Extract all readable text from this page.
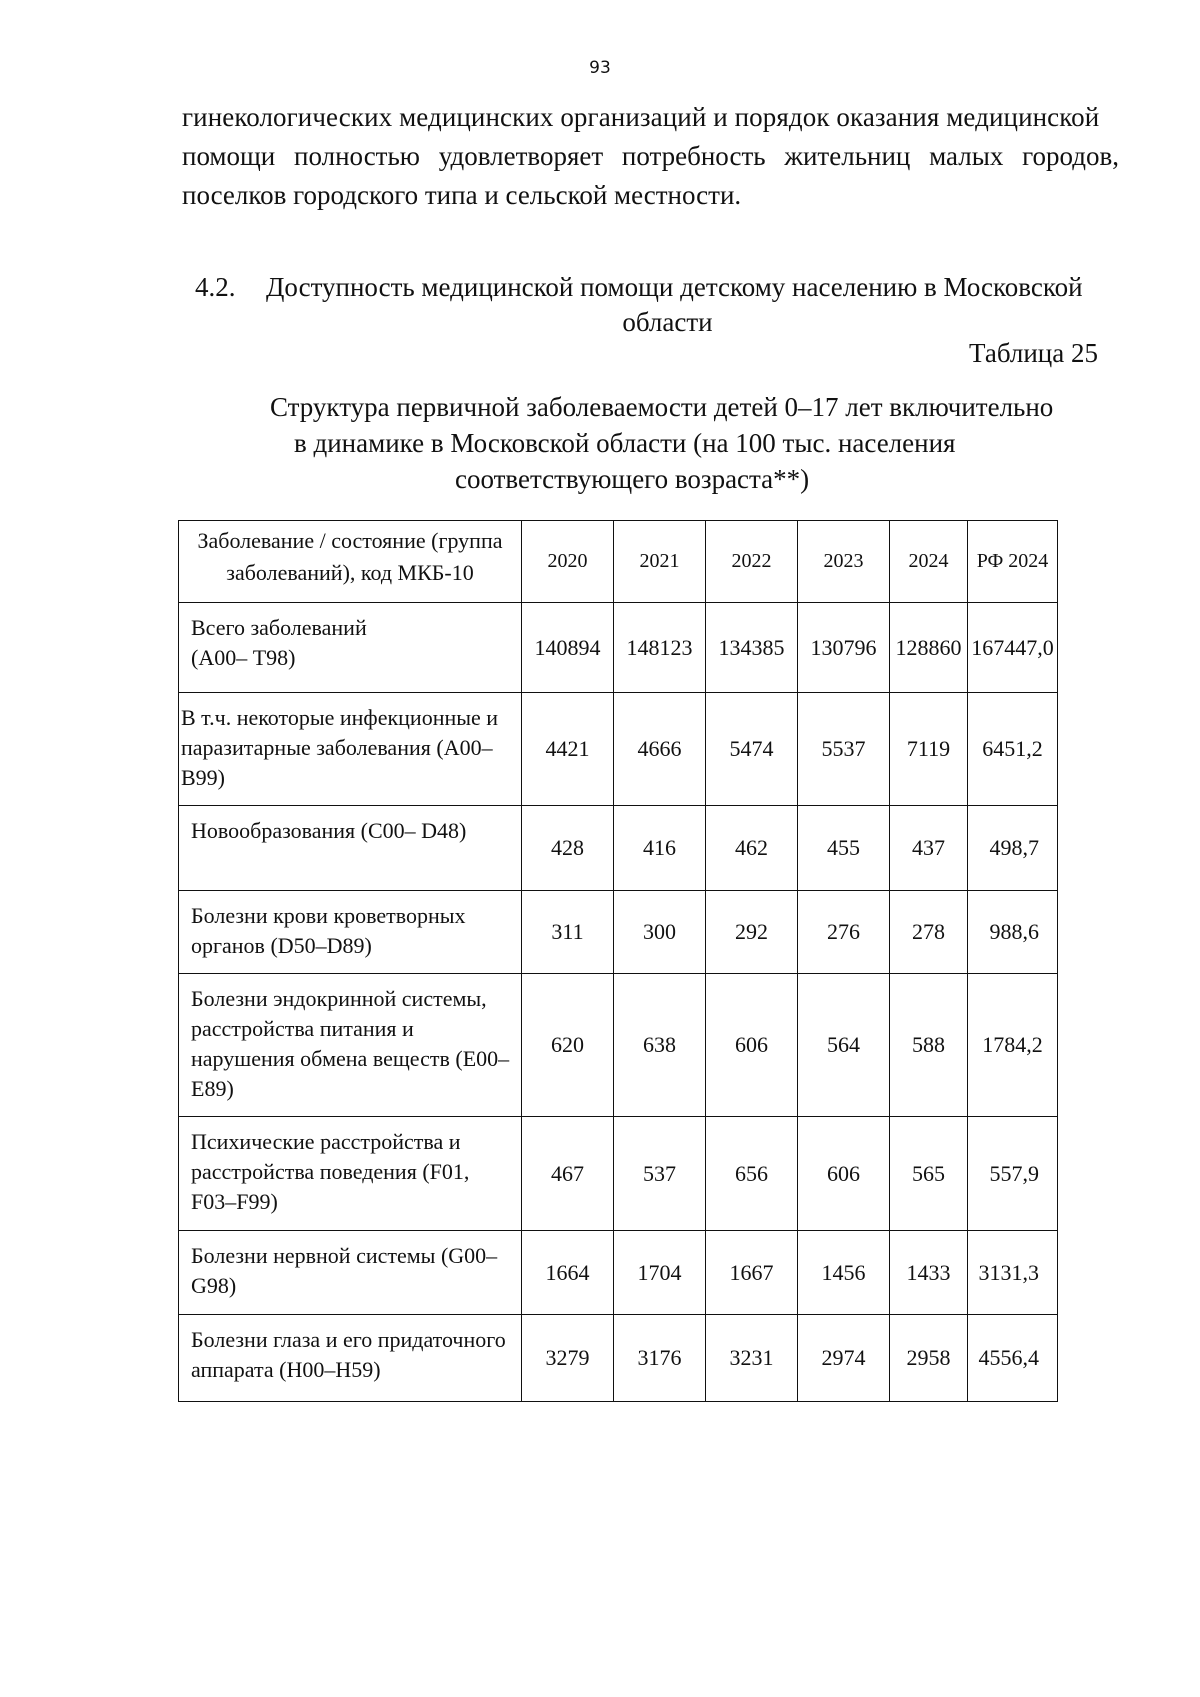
93
гинекологических медицинских организаций и порядок оказания медицинской
помощи полностью удовлетворяет потребность жительниц малых городов,
поселков городского типа и сельской местности.
4.2. Доступность медицинской помощи детскому населению в Московской
области
Таблица 25
Структура первичной заболеваемости детей 0–17 лет включительно
в динамике в Московской области (на 100 тыс. населения
соответствующего возраста**)
Заболевание / состояние (группа заболеваний), код МКБ-10	2020	2021	2022	2023	2024	РФ 2024
Всего заболеваний
(А00– Т98)	140894	148123	134385	130796	128860	167447,0
В т.ч. некоторые инфекционные и паразитарные заболевания (А00–В99)	4421	4666	5474	5537	7119	6451,2
Новообразования (С00– D48)	428	416	462	455	437	498,7
Болезни крови кроветворных органов (D50–D89)	311	300	292	276	278	988,6
Болезни эндокринной системы, расстройства питания и нарушения обмена веществ (Е00–
Е89)	620	638	606	564	588	1784,2
Психические расстройства и расстройства поведения (F01, F03–F99)	467	537	656	606	565	557,9
Болезни нервной системы (G00–G98)	1664	1704	1667	1456	1433	3131,3
Болезни глаза и его придаточного аппарата (H00–H59)	3279	3176	3231	2974	2958	4556,4
